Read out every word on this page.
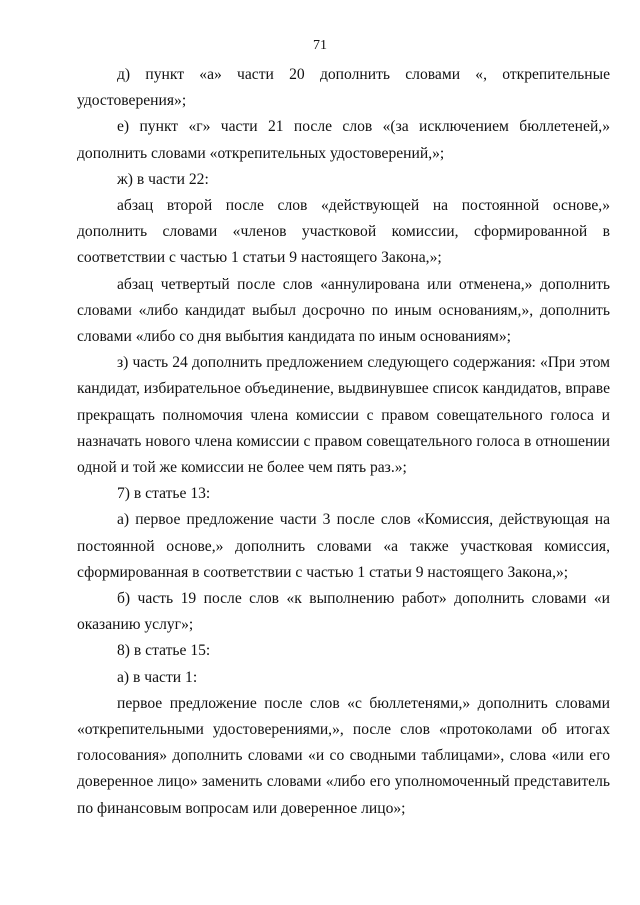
71

д) пункт «а» части 20 дополнить словами «, открепительные удостоверения»;

е) пункт «г» части 21 после слов «(за исключением бюллетеней,» дополнить словами «открепительных удостоверений,»;

ж) в части 22:

абзац второй после слов «действующей на постоянной основе,» дополнить словами «членов участковой комиссии, сформированной в соответствии с частью 1 статьи 9 настоящего Закона,»;

абзац четвертый после слов «аннулирована или отменена,» дополнить словами «либо кандидат выбыл досрочно по иным основаниям,», дополнить словами «либо со дня выбытия кандидата по иным основаниям»;

з) часть 24 дополнить предложением следующего содержания: «При этом кандидат, избирательное объединение, выдвинувшее список кандидатов, вправе прекращать полномочия члена комиссии с правом совещательного голоса и назначать нового члена комиссии с правом совещательного голоса в отношении одной и той же комиссии не более чем пять раз.»;

7) в статье 13:

а) первое предложение части 3 после слов «Комиссия, действующая на постоянной основе,» дополнить словами «а также участковая комиссия, сформированная в соответствии с частью 1 статьи 9 настоящего Закона,»;

б) часть 19 после слов «к выполнению работ» дополнить словами «и оказанию услуг»;

8) в статье 15:

а) в части 1:

первое предложение после слов «с бюллетенями,» дополнить словами «открепительными удостоверениями,», после слов «протоколами об итогах голосования» дополнить словами «и со сводными таблицами», слова «или его доверенное лицо» заменить словами «либо его уполномоченный представитель по финансовым вопросам или доверенное лицо»;
